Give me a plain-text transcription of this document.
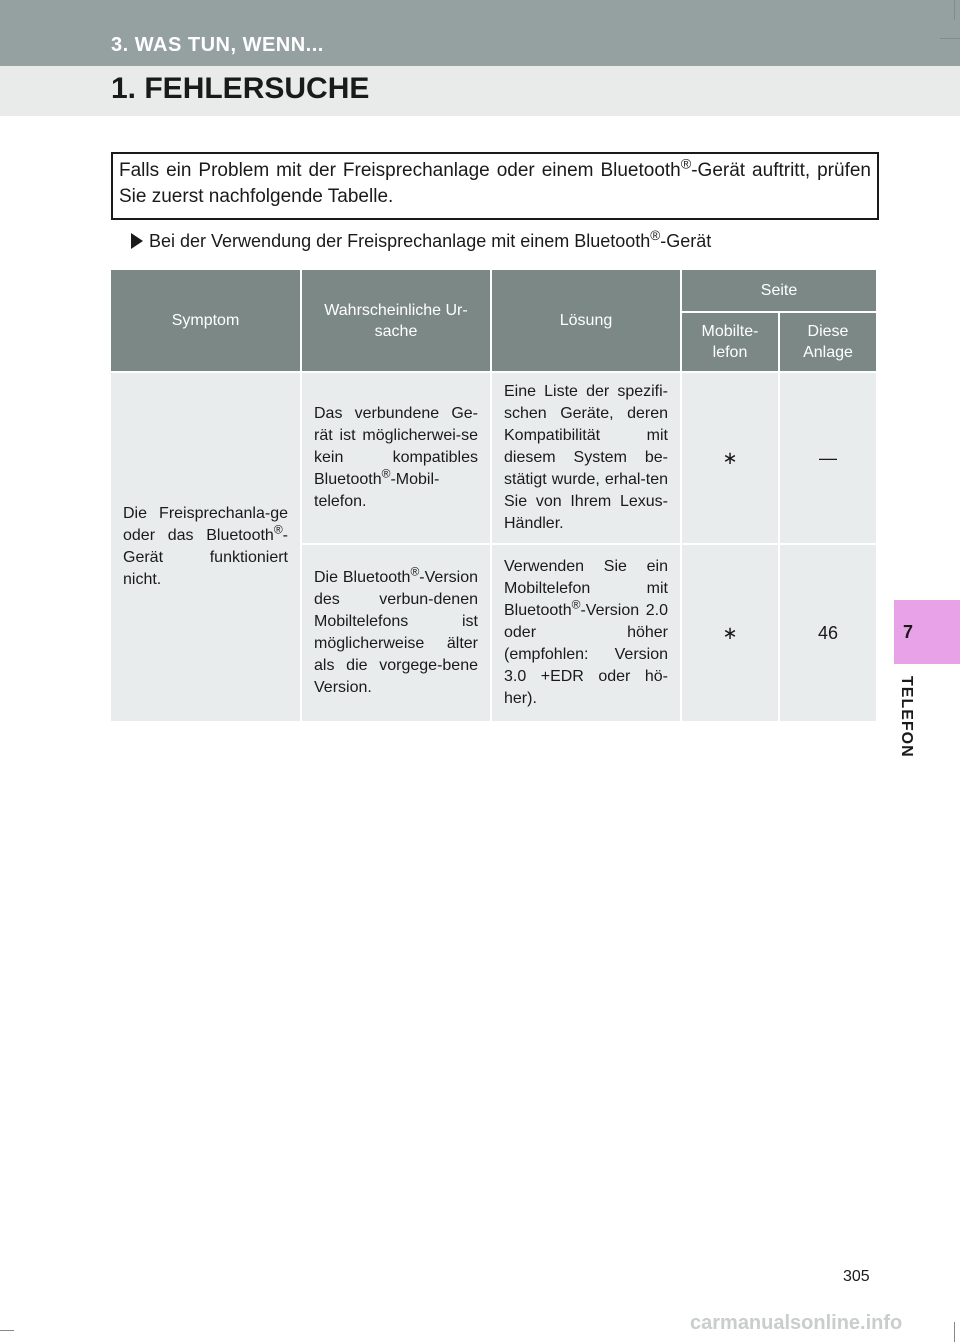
3. WAS TUN, WENN...
1. FEHLERSUCHE
Falls ein Problem mit der Freisprechanlage oder einem Bluetooth®-Gerät auftritt, prüfen Sie zuerst nachfolgende Tabelle.
Bei der Verwendung der Freisprechanlage mit einem Bluetooth®-Gerät
Symptom	Wahrscheinliche Ur-sache	Lösung	Seite	
			Mobilte-lefon	Diese Anlage
Die Freisprechanla-ge oder das Bluetooth®-Gerät funktioniert nicht.	Das verbundene Ge-rät ist möglicherwei-se kein kompatibles Bluetooth®-Mobil-telefon.	Eine Liste der spezifi-schen Geräte, deren Kompatibilität mit diesem System be-stätigt wurde, erhal-ten Sie von Ihrem Lexus-Händler.	∗	—
	Die Bluetooth®-Version des verbun-denen Mobiltelefons ist möglicherweise älter als die vorgege-bene Version.	Verwenden Sie ein Mobiltelefon mit Bluetooth®-Version 2.0 oder höher (empfohlen: Version 3.0 +EDR oder hö-her).	∗	46	7
TELEFON
305
carmanualsonline.info
